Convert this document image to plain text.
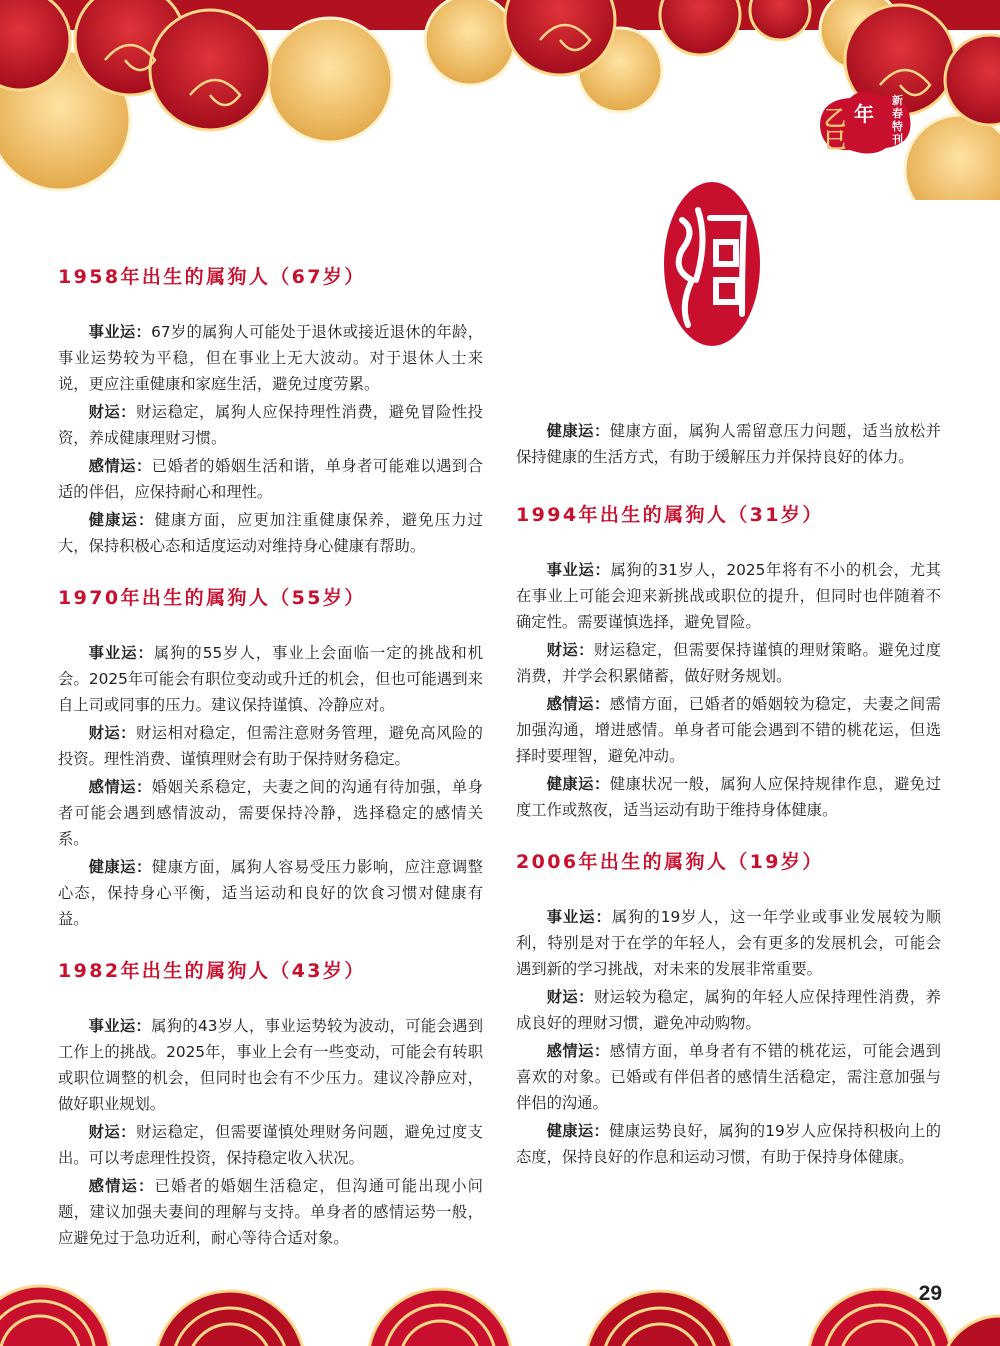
乙巳
年
新春特刊
1958年出生的属狗人（67岁）

事业运：67岁的属狗人可能处于退休或接近退休的年龄，事业运势较为平稳，但在事业上无大波动。对于退休人士来说，更应注重健康和家庭生活，避免过度劳累。

财运：财运稳定，属狗人应保持理性消费，避免冒险性投资，养成健康理财习惯。

感情运：已婚者的婚姻生活和谐，单身者可能难以遇到合适的伴侣，应保持耐心和理性。

健康运：健康方面，应更加注重健康保养，避免压力过大，保持积极心态和适度运动对维持身心健康有帮助。

1970年出生的属狗人（55岁）

事业运：属狗的55岁人，事业上会面临一定的挑战和机会。2025年可能会有职位变动或升迁的机会，但也可能遇到来自上司或同事的压力。建议保持谨慎、冷静应对。

财运：财运相对稳定，但需注意财务管理，避免高风险的投资。理性消费、谨慎理财会有助于保持财务稳定。

感情运：婚姻关系稳定，夫妻之间的沟通有待加强，单身者可能会遇到感情波动，需要保持冷静，选择稳定的感情关系。

健康运：健康方面，属狗人容易受压力影响，应注意调整心态，保持身心平衡，适当运动和良好的饮食习惯对健康有益。

1982年出生的属狗人（43岁）

事业运：属狗的43岁人，事业运势较为波动，可能会遇到工作上的挑战。2025年，事业上会有一些变动，可能会有转职或职位调整的机会，但同时也会有不少压力。建议冷静应对，做好职业规划。

财运：财运稳定，但需要谨慎处理财务问题，避免过度支出。可以考虑理性投资，保持稳定收入状况。

感情运：已婚者的婚姻生活稳定，但沟通可能出现小问题，建议加强夫妻间的理解与支持。单身者的感情运势一般，应避免过于急功近利，耐心等待合适对象。

健康运：健康方面，属狗人需留意压力问题，适当放松并保持健康的生活方式，有助于缓解压力并保持良好的体力。

1994年出生的属狗人（31岁）

事业运：属狗的31岁人，2025年将有不小的机会，尤其在事业上可能会迎来新挑战或职位的提升，但同时也伴随着不确定性。需要谨慎选择，避免冒险。

财运：财运稳定，但需要保持谨慎的理财策略。避免过度消费，并学会积累储蓄，做好财务规划。

感情运：感情方面，已婚者的婚姻较为稳定，夫妻之间需加强沟通，增进感情。单身者可能会遇到不错的桃花运，但选择时要理智，避免冲动。

健康运：健康状况一般，属狗人应保持规律作息，避免过度工作或熬夜，适当运动有助于维持身体健康。

2006年出生的属狗人（19岁）

事业运：属狗的19岁人，这一年学业或事业发展较为顺利，特别是对于在学的年轻人，会有更多的发展机会，可能会遇到新的学习挑战，对未来的发展非常重要。

财运：财运较为稳定，属狗的年轻人应保持理性消费，养成良好的理财习惯，避免冲动购物。

感情运：感情方面，单身者有不错的桃花运，可能会遇到喜欢的对象。已婚或有伴侣者的感情生活稳定，需注意加强与伴侣的沟通。

健康运：健康运势良好，属狗的19岁人应保持积极向上的态度，保持良好的作息和运动习惯，有助于保持身体健康。

29
